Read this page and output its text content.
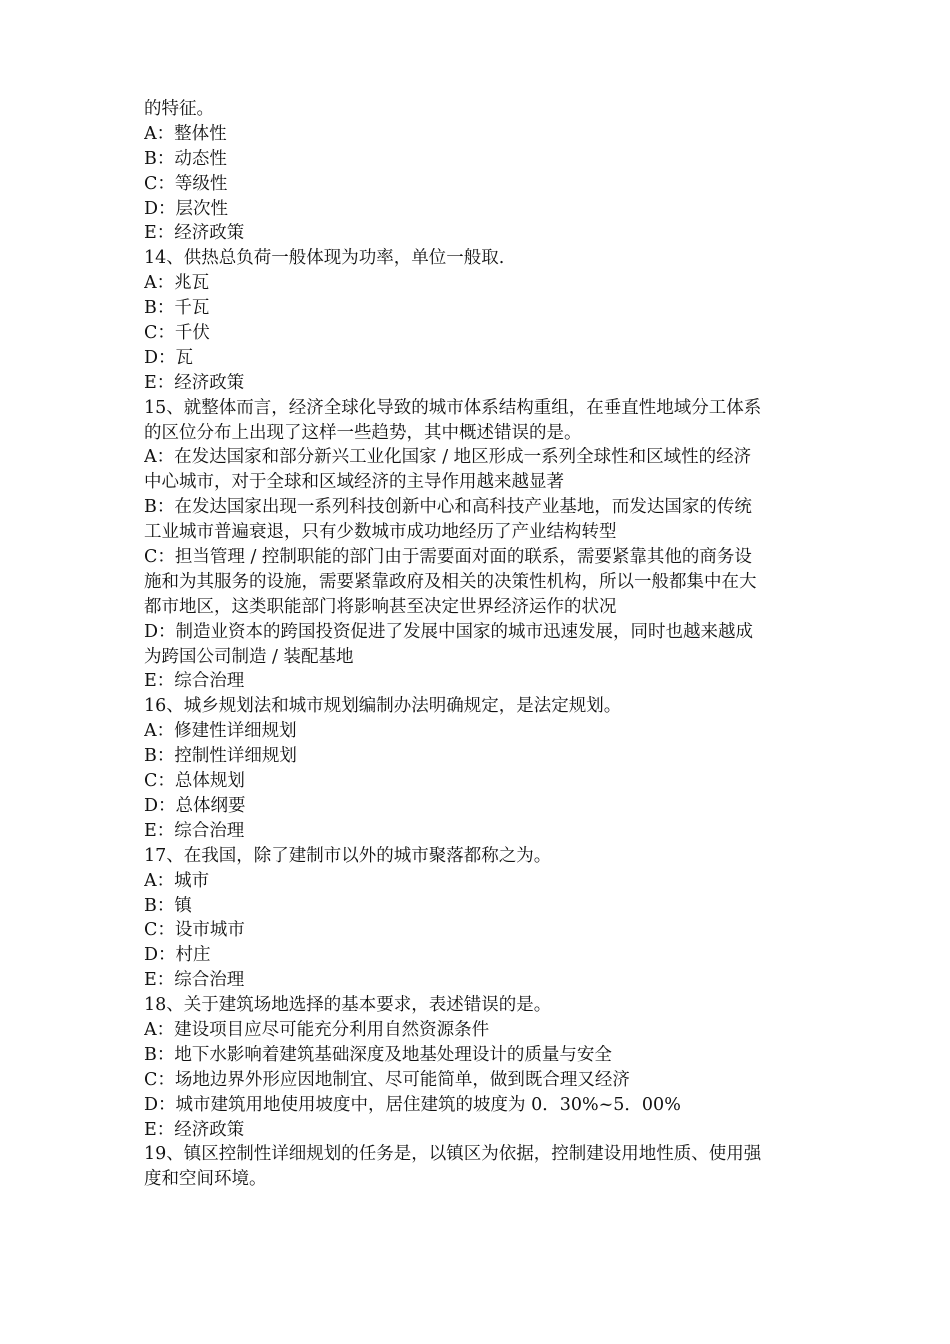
的特征。
A：整体性
B：动态性
C：等级性
D：层次性
E：经济政策
14、供热总负荷一般体现为功率，单位一般取.
A：兆瓦
B：千瓦
C：千伏
D：瓦
E：经济政策
15、就整体而言，经济全球化导致的城市体系结构重组，在垂直性地域分工体系
的区位分布上出现了这样一些趋势，其中概述错误的是。
A：在发达国家和部分新兴工业化国家 / 地区形成一系列全球性和区域性的经济
中心城市，对于全球和区域经济的主导作用越来越显著
B：在发达国家出现一系列科技创新中心和高科技产业基地，而发达国家的传统
工业城市普遍衰退，只有少数城市成功地经历了产业结构转型
C：担当管理 / 控制职能的部门由于需要面对面的联系，需要紧靠其他的商务设
施和为其服务的设施，需要紧靠政府及相关的决策性机构，所以一般都集中在大
都市地区，这类职能部门将影响甚至决定世界经济运作的状况
D：制造业资本的跨国投资促进了发展中国家的城市迅速发展，同时也越来越成
为跨国公司制造 / 装配基地
E：综合治理
16、城乡规划法和城市规划编制办法明确规定，是法定规划。
A：修建性详细规划
B：控制性详细规划
C：总体规划
D：总体纲要
E：综合治理
17、在我国，除了建制市以外的城市聚落都称之为。
A：城市
B：镇
C：设市城市
D：村庄
E：综合治理
18、关于建筑场地选择的基本要求，表述错误的是。
A：建设项目应尽可能充分利用自然资源条件
B：地下水影响着建筑基础深度及地基处理设计的质量与安全
C：场地边界外形应因地制宜、尽可能简单，做到既合理又经济
D：城市建筑用地使用坡度中，居住建筑的坡度为 0．30%~5．00%
E：经济政策
19、镇区控制性详细规划的任务是，以镇区为依据，控制建设用地性质、使用强
度和空间环境。
